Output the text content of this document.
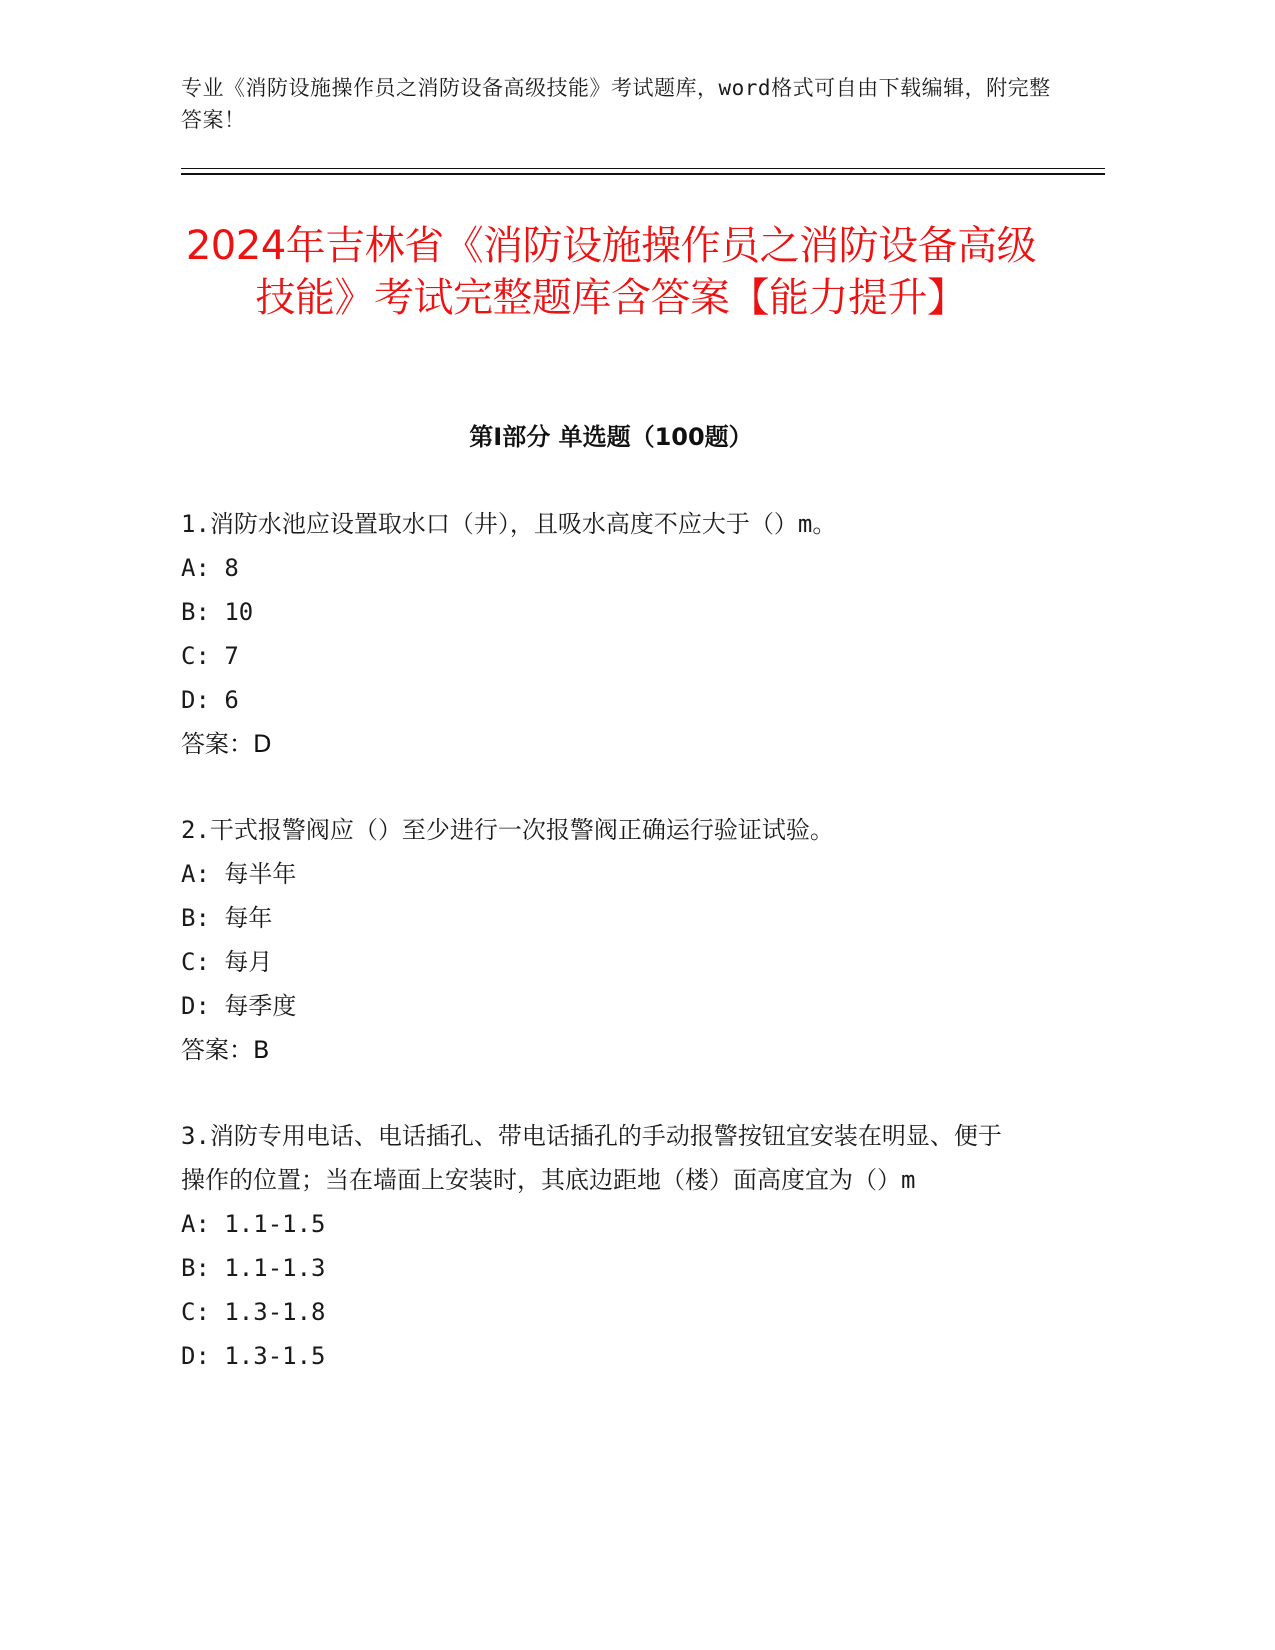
专业《消防设施操作员之消防设备高级技能》考试题库，word格式可自由下载编辑，附完整答案！
2024年吉林省《消防设施操作员之消防设备高级技能》考试完整题库含答案【能力提升】
第I部分 单选题（100题）

1.消防水池应设置取水口（井），且吸水高度不应大于（）m。

A: 8

B: 10

C: 7

D: 6

答案：D

2.干式报警阀应（）至少进行一次报警阀正确运行验证试验。

A: 每半年

B: 每年

C: 每月

D: 每季度

答案：B

3.消防专用电话、电话插孔、带电话插孔的手动报警按钮宜安装在明显、便于操作的位置；当在墙面上安装时，其底边距地（楼）面高度宜为（）m

A: 1.1-1.5

B: 1.1-1.3

C: 1.3-1.8

D: 1.3-1.5
